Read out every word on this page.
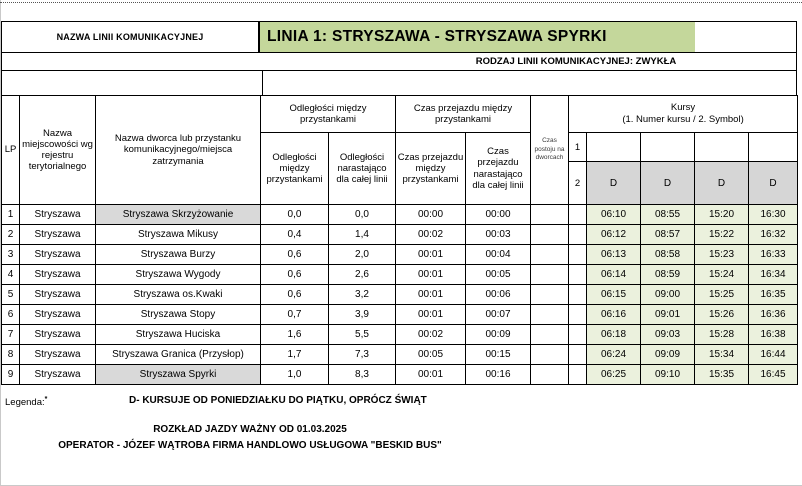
NAZWA LINII KOMUNIKACYJNEJ	LINIA 1: STRYSZAWA - STRYSZAWA SPYRKI
RODZAJ LINII KOMUNIKACYJNEJ: ZWYKŁA
LP	Nazwa miejscowości wg rejestru terytorialnego	Nazwa dworca lub przystanku komunikacyjnego/miejsca zatrzymania	Odległości między przystankami		Czas przejazdu między przystankami		Czas postoju na dworcach	Kursy
(1. Numer kursu / 2. Symbol)				

			Odległości między przystankami	Odległości narastająco dla całej linii	Czas przejazdu między przystankami	Czas przejazdu narastająco dla całej linii		1				
								2	D	D	D	D
1	Stryszawa	Stryszawa Skrzyżowanie	0,0	0,0	00:00	00:00			06:10	08:55	15:20	16:30
2	Stryszawa	Stryszawa Mikusy	0,4	1,4	00:02	00:03			06:12	08:57	15:22	16:32
3	Stryszawa	Stryszawa Burzy	0,6	2,0	00:01	00:04			06:13	08:58	15:23	16:33
4	Stryszawa	Stryszawa Wygody	0,6	2,6	00:01	00:05			06:14	08:59	15:24	16:34
5	Stryszawa	Stryszawa os.Kwaki	0,6	3,2	00:01	00:06			06:15	09:00	15:25	16:35
6	Stryszawa	Stryszawa Stopy	0,7	3,9	00:01	00:07			06:16	09:01	15:26	16:36
7	Stryszawa	Stryszawa Huciska	1,6	5,5	00:02	00:09			06:18	09:03	15:28	16:38
8	Stryszawa	Stryszawa Granica (Przysłop)	1,7	7,3	00:05	00:15			06:24	09:09	15:34	16:44
9	Stryszawa	Stryszawa Spyrki	1,0	8,3	00:01	00:16			06:25	09:10	15:35	16:45
Legenda:*	D- KURSUJE OD PONIEDZIAŁKU DO PIĄTKU, OPRÓCZ ŚWIĄT
ROZKŁAD JAZDY WAŻNY OD 01.03.2025
OPERATOR - JÓZEF WĄTROBA FIRMA HANDLOWO USŁUGOWA "BESKID BUS"
